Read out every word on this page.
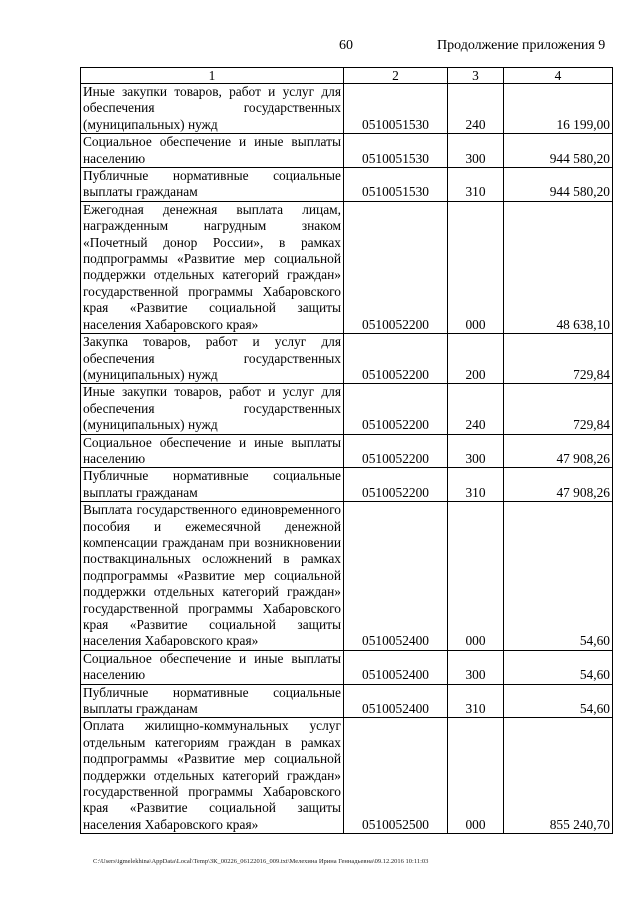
60	Продолжение приложения 9
1	2	3	4
Иные закупки товаров, работ и услуг для обеспечения государственных (муниципальных) нужд	0510051530	240	16 199,00
Социальное обеспечение и иные выплаты населению	0510051530	300	944 580,20
Публичные нормативные социальные выплаты гражданам	0510051530	310	944 580,20
Ежегодная денежная выплата лицам, награжденным нагрудным знаком «Почетный донор России», в рамках подпрограммы «Развитие мер социальной поддержки отдельных категорий граждан» государственной программы Хабаровского края «Развитие социальной защиты населения Хабаровского края»	0510052200	000	48 638,10
Закупка товаров, работ и услуг для обеспечения государственных (муниципальных) нужд	0510052200	200	729,84
Иные закупки товаров, работ и услуг для обеспечения государственных (муниципальных) нужд	0510052200	240	729,84
Социальное обеспечение и иные выплаты населению	0510052200	300	47 908,26
Публичные нормативные социальные выплаты гражданам	0510052200	310	47 908,26
Выплата государственного единовременного пособия и ежемесячной денежной компенсации гражданам при возникновении поствакцинальных осложнений в рамках подпрограммы «Развитие мер социальной поддержки отдельных категорий граждан» государственной программы Хабаровского края «Развитие социальной защиты населения Хабаровского края»	0510052400	000	54,60
Социальное обеспечение и иные выплаты населению	0510052400	300	54,60
Публичные нормативные социальные выплаты гражданам	0510052400	310	54,60
Оплата жилищно-коммунальных услуг отдельным категориям граждан в рамках подпрограммы «Развитие мер социальной поддержки отдельных категорий граждан» государственной программы Хабаровского края «Развитие социальной защиты населения Хабаровского края»	0510052500	000	855 240,70
C:\Users\igmelekhina\AppData\Local\Temp\ЗК_00226_06122016_009.txt\Мелехина Ирина Геннадьевна\09.12.2016 10:11:03
